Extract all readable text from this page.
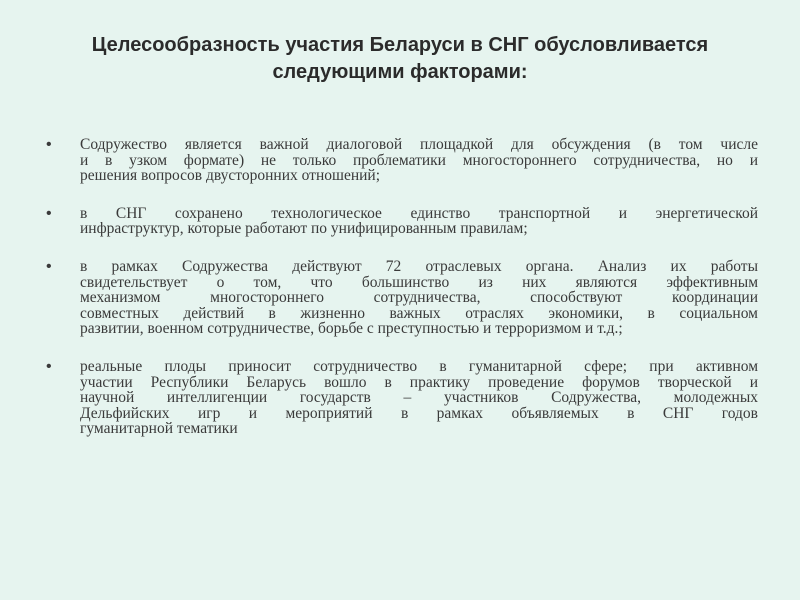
Целесообразность участия Беларуси в СНГ обусловливается
следующими факторами:
•	Содружество является важной диалоговой площадкой для обсуждения (в том числе
и в узком формате) не только проблематики многостороннего сотрудничества, но и
решения вопросов двусторонних отношений;
•	в СНГ сохранено технологическое единство транспортной и энергетической
инфраструктур, которые работают по унифицированным правилам;
•	в рамках Содружества действуют 72 отраслевых органа. Анализ их работы
свидетельствует о том, что большинство из них являются эффективным
механизмом многостороннего сотрудничества, способствуют координации
совместных действий в жизненно важных отраслях экономики, в социальном
развитии, военном сотрудничестве, борьбе с преступностью и терроризмом и т.д.;
•	реальные плоды приносит сотрудничество в гуманитарной сфере; при активном
участии Республики Беларусь вошло в практику проведение форумов творческой и
научной интеллигенции государств – участников Содружества, молодежных
Дельфийских игр и мероприятий в рамках объявляемых в СНГ годов
гуманитарной тематики
